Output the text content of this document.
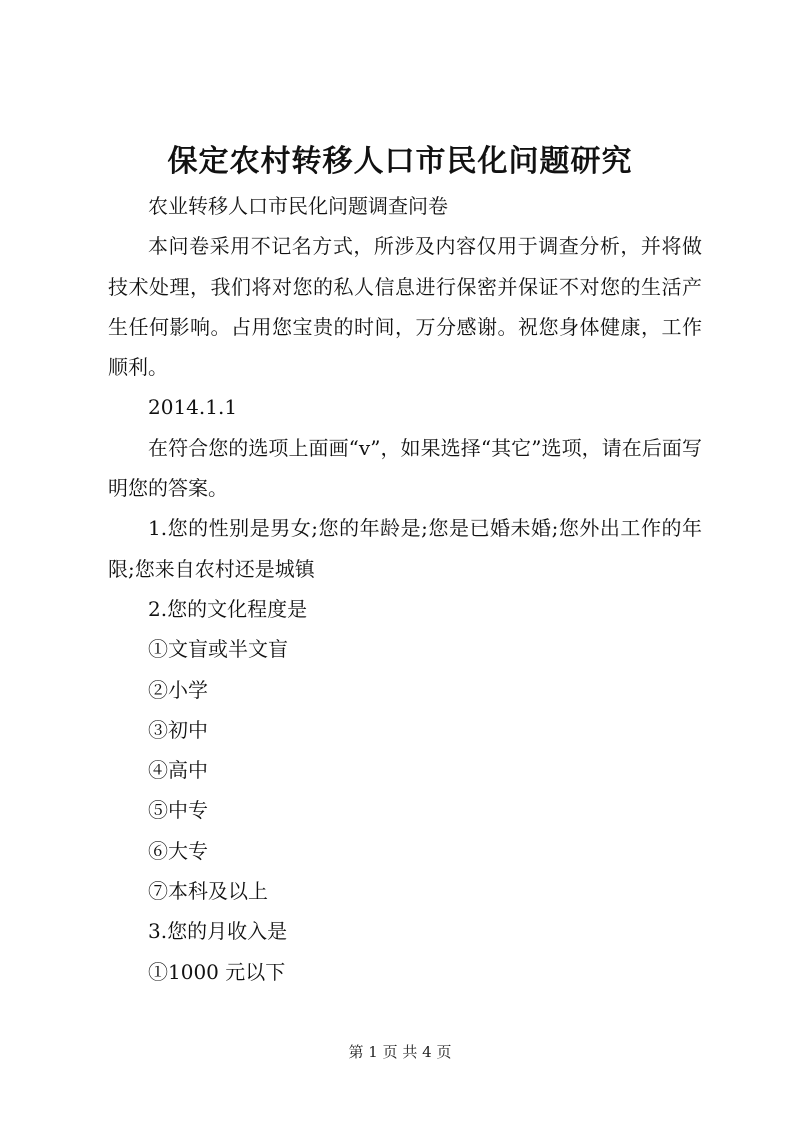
保定农村转移人口市民化问题研究

农业转移人口市民化问题调查问卷

本问卷采用不记名方式，所涉及内容仅用于调查分析，并将做技术处理，我们将对您的私人信息进行保密并保证不对您的生活产生任何影响。占用您宝贵的时间，万分感谢。祝您身体健康，工作顺利。

2014.1.1

在符合您的选项上面画“v”，如果选择“其它”选项，请在后面写明您的答案。

1.您的性别是男女;您的年龄是;您是已婚未婚;您外出工作的年限;您来自农村还是城镇

2.您的文化程度是

①文盲或半文盲

②小学

③初中

④高中

⑤中专

⑥大专

⑦本科及以上

3.您的月收入是

①1000 元以下

第 1 页 共 4 页
